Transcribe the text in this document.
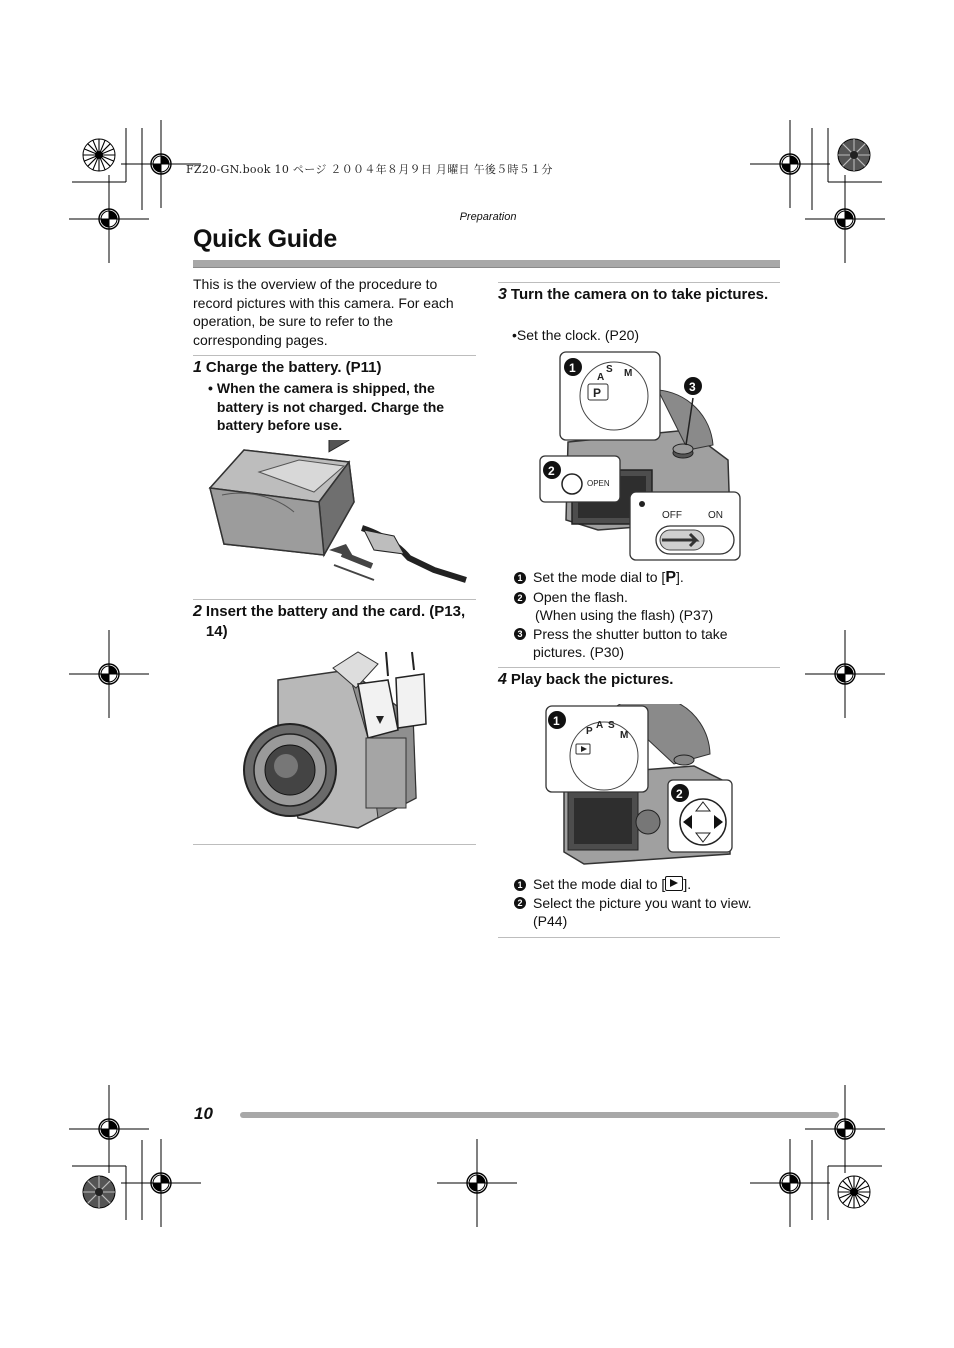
FZ20-GN.book 10 ページ ２００４年８月９日 月曜日 午後５時５１分
Preparation
Quick Guide
This is the overview of the procedure to record pictures with this camera. For each operation, be sure to refer to the corresponding pages.
1 Charge the battery. (P11)
• When the camera is shipped, the battery is not charged. Charge the battery before use.
2 Insert the battery and the card. (P13, 14)
3 Turn the camera on to take pictures.
•Set the clock. (P20)
S
A M
P
OPEN
OFF	ON
1
2
3
1 Set the mode dial to [P].
2 Open the flash.
(When using the flash) (P37)
3 Press the shutter button to take pictures. (P30)
4 Play back the pictures.
P
A S
M
1
2
1 Set the mode dial to [ ].
2 Select the picture you want to view. (P44)
10
